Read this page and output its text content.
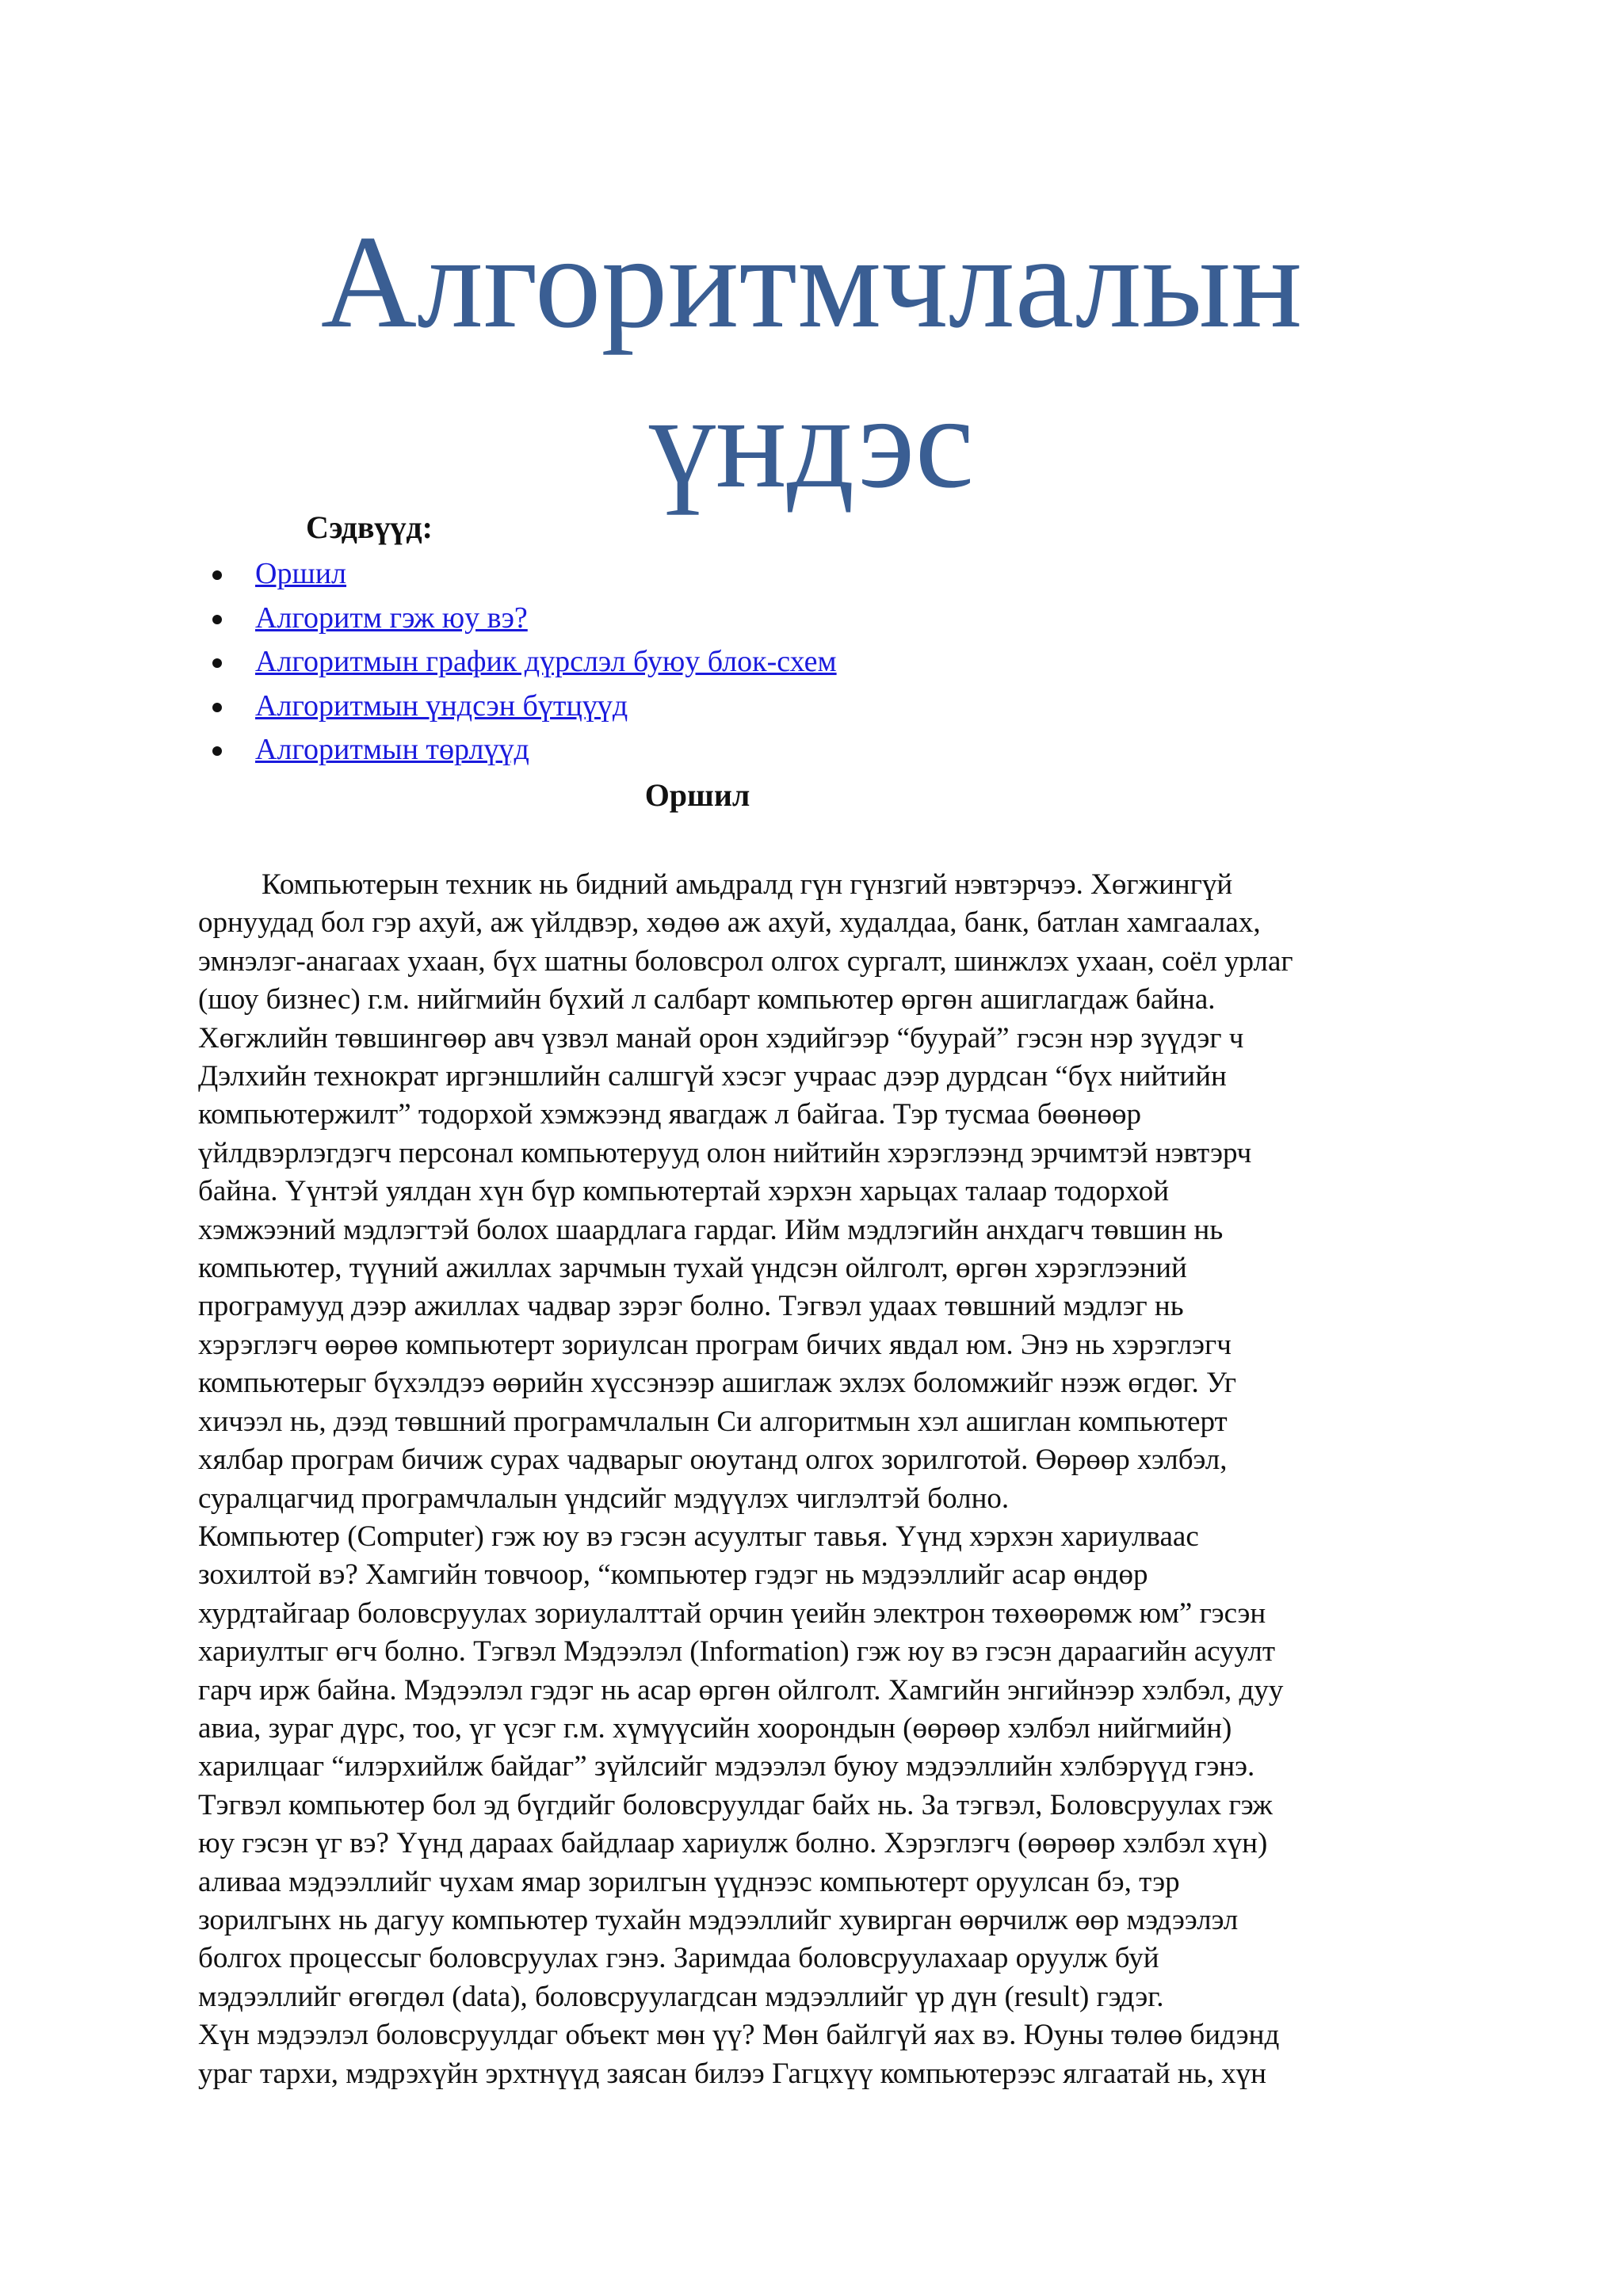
Алгоритмчлалын
үндэс
Сэдвүүд:
Оршил
Алгоритм гэж юу вэ?
Алгоритмын график дүрслэл буюу блок-схем
Алгоритмын үндсэн бүтцүүд
Алгоритмын төрлүүд
Оршил

Компьютерын техник нь бидний амьдралд гүн гүнзгий нэвтэрчээ. Хөгжингүй
орнуудад бол гэр ахуй, аж үйлдвэр, хөдөө аж ахуй, худалдаа, банк, батлан хамгаалах,
эмнэлэг-анагаах ухаан, бүх шатны боловсрол олгох сургалт, шинжлэх ухаан, соёл урлаг
(шоу бизнес) г.м. нийгмийн бүхий л салбарт компьютер өргөн ашиглагдаж байна.
Хөгжлийн төвшингөөр авч үзвэл манай орон хэдийгээр “буурай” гэсэн нэр зүүдэг ч
Дэлхийн технократ иргэншлийн салшгүй хэсэг учраас дээр дурдсан “бүх нийтийн
компьютержилт” тодорхой хэмжээнд явагдаж л байгаа. Тэр тусмаа бөөнөөр
үйлдвэрлэгдэгч персонал компьютерууд олон нийтийн хэрэглээнд эрчимтэй нэвтэрч
байна. Үүнтэй уялдан хүн бүр компьютертай хэрхэн харьцах талаар тодорхой
хэмжээний мэдлэгтэй болох шаардлага гардаг. Ийм мэдлэгийн анхдагч төвшин нь
компьютер, түүний ажиллах зарчмын тухай үндсэн ойлголт, өргөн хэрэглээний
програмууд дээр ажиллах чадвар зэрэг болно. Тэгвэл удаах төвшний мэдлэг нь
хэрэглэгч өөрөө компьютерт зориулсан програм бичих явдал юм. Энэ нь хэрэглэгч
компьютерыг бүхэлдээ өөрийн хүссэнээр ашиглаж эхлэх боломжийг нээж өгдөг. Уг
хичээл нь, дээд төвшний програмчлалын Си алгоритмын хэл ашиглан компьютерт
хялбар програм бичиж сурах чадварыг оюутанд олгох зорилготой. Өөрөөр хэлбэл,
суралцагчид програмчлалын үндсийг мэдүүлэх чиглэлтэй болно.

Компьютер (Computer) гэж юу вэ гэсэн асуултыг тавья. Үүнд хэрхэн хариулваас
зохилтой вэ? Хамгийн товчоор, “компьютер гэдэг нь мэдээллийг асар өндөр
хурдтайгаар боловсруулах зориулалттай орчин үеийн электрон төхөөрөмж юм” гэсэн
хариултыг өгч болно. Тэгвэл Мэдээлэл (Information) гэж юу вэ гэсэн дараагийн асуулт
гарч ирж байна. Мэдээлэл гэдэг нь асар өргөн ойлголт. Хамгийн энгийнээр хэлбэл, дуу
авиа, зураг дүрс, тоо, үг үсэг г.м. хүмүүсийн хоорондын (өөрөөр хэлбэл нийгмийн)
харилцааг “илэрхийлж байдаг” зүйлсийг мэдээлэл буюу мэдээллийн хэлбэрүүд гэнэ.
Тэгвэл компьютер бол эд бүгдийг боловсруулдаг байх нь. За тэгвэл, Боловсруулах гэж
юу гэсэн үг вэ? Үүнд дараах байдлаар хариулж болно. Хэрэглэгч (өөрөөр хэлбэл хүн)
аливаа мэдээллийг чухам ямар зорилгын үүднээс компьютерт оруулсан бэ, тэр
зорилгынх нь дагуу компьютер тухайн мэдээллийг хувирган өөрчилж өөр мэдээлэл
болгох процессыг боловсруулах гэнэ. Заримдаа боловсруулахаар оруулж буй
мэдээллийг өгөгдөл (data), боловсруулагдсан мэдээллийг үр дүн (result) гэдэг.

Хүн мэдээлэл боловсруулдаг объект мөн үү? Мөн байлгүй яах вэ. Юуны төлөө бидэнд
ураг тархи, мэдрэхүйн эрхтнүүд заясан билээ Гагцхүү компьютерээс ялгаатай нь, хүн
